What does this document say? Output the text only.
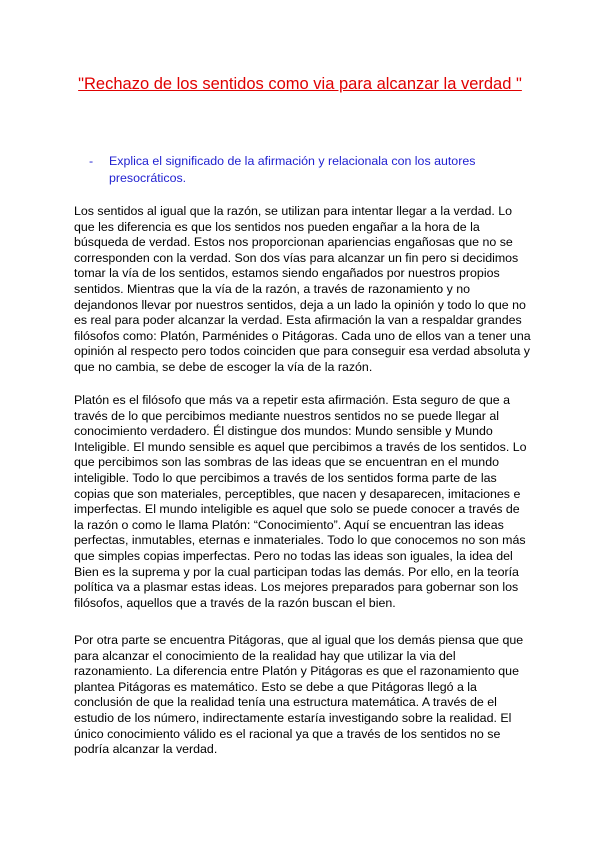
"Rechazo de los sentidos como via para alcanzar la verdad "
-	Explica el significado de la afirmación y relacionala con los autores presocráticos.

Los sentidos al igual que la razón, se utilizan para intentar llegar a la verdad. Lo que les diferencia es que los sentidos nos pueden engañar a la hora de la búsqueda de verdad. Estos nos proporcionan apariencias engañosas que no se corresponden con la verdad. Son dos vías para alcanzar un fin pero si decidimos tomar la vía de los sentidos, estamos siendo engañados por nuestros propios sentidos. Mientras que la vía de la razón, a través de razonamiento y no dejandonos llevar por nuestros sentidos, deja a un lado la opinión y todo lo que no es real para poder alcanzar la verdad. Esta afirmación la van a respaldar grandes filósofos como: Platón, Parménides o Pitágoras. Cada uno de ellos van a tener una opinión al respecto pero todos coinciden que para conseguir esa verdad absoluta y que no cambia, se debe de escoger la vía de la razón.

Platón es el filósofo que más va a repetir esta afirmación. Esta seguro de que a través de lo que percibimos mediante nuestros sentidos no se puede llegar al conocimiento verdadero. Él distingue dos mundos: Mundo sensible y Mundo Inteligible. El mundo sensible es aquel que percibimos a través de los sentidos. Lo que percibimos son las sombras de las ideas que se encuentran en el mundo inteligible. Todo lo que percibimos a través de los sentidos forma parte de las copias que son materiales, perceptibles, que nacen y desaparecen, imitaciones e imperfectas. El mundo inteligible es aquel que solo se puede conocer a través de la razón o como le llama Platón: “Conocimiento”. Aquí se encuentran las ideas perfectas, inmutables, eternas e inmateriales. Todo lo que conocemos no son más que simples copias imperfectas. Pero no todas las ideas son iguales, la idea del Bien es la suprema y por la cual participan todas las demás. Por ello, en la teoría política va a plasmar estas ideas. Los mejores preparados para gobernar son los filósofos, aquellos que a través de la razón buscan el bien.

Por otra parte se encuentra Pitágoras, que al igual que los demás piensa que que para alcanzar el conocimiento de la realidad hay que utilizar la via del razonamiento. La diferencia entre Platón y Pitágoras es que el razonamiento que plantea Pitágoras es matemático. Esto se debe a que Pitágoras llegó a la conclusión de que la realidad tenía una estructura matemática. A través de el estudio de los número, indirectamente estaría investigando sobre la realidad. El único conocimiento válido es el racional ya que a través de los sentidos no se podría alcanzar la verdad.
